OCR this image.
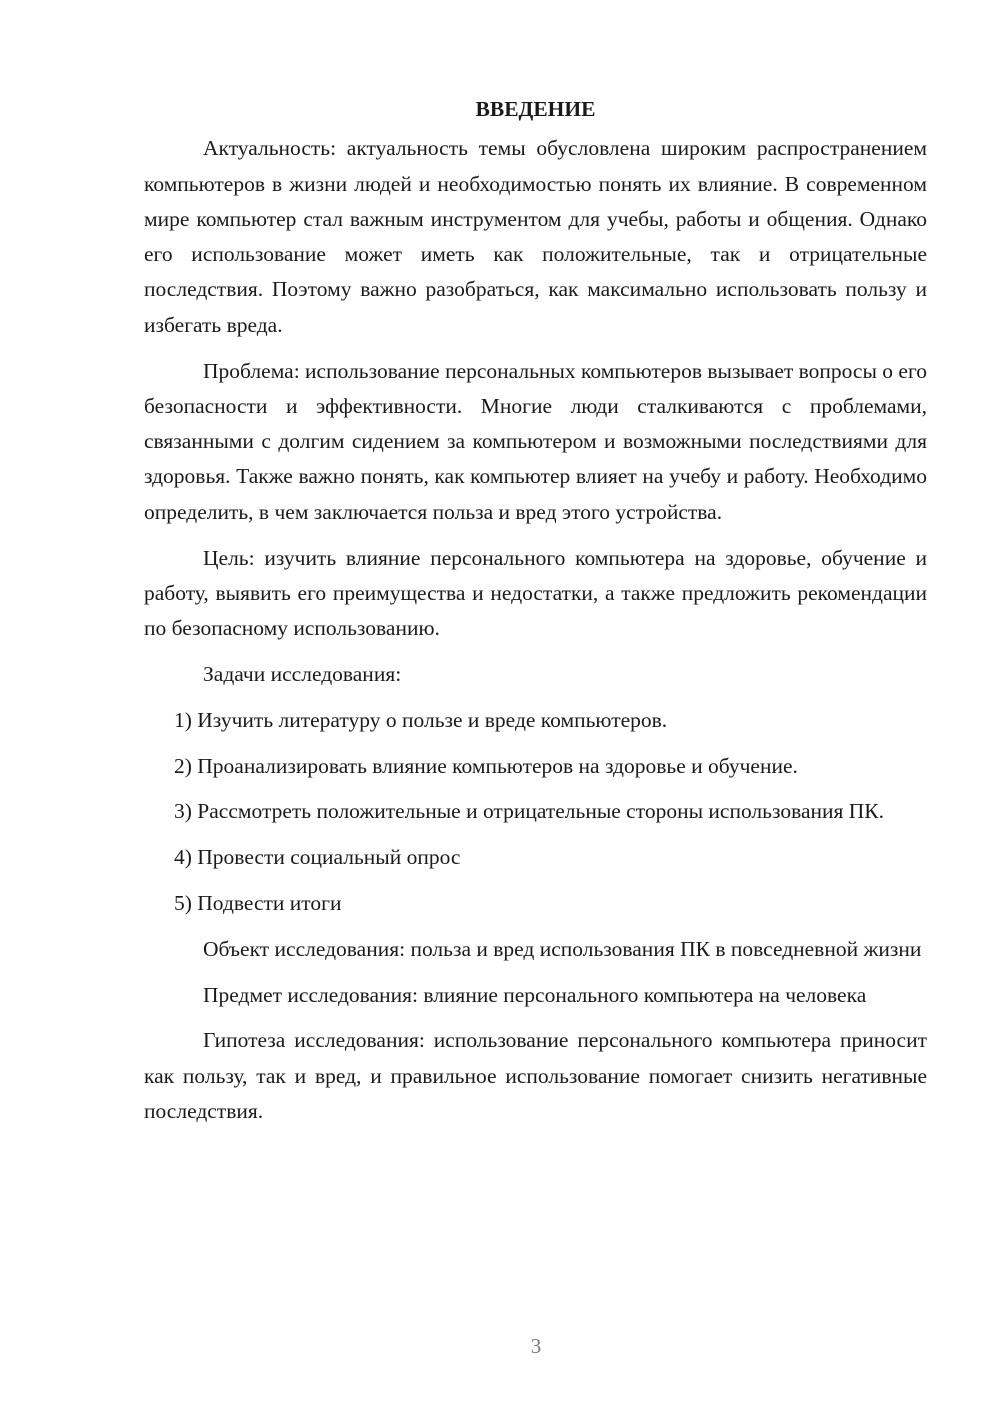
ВВЕДЕНИЕ

Актуальность: актуальность темы обусловлена широким распространением компьютеров в жизни людей и необходимостью понять их влияние. В современном мире компьютер стал важным инструментом для учебы, работы и общения. Однако его использование может иметь как положительные, так и отрицательные последствия. Поэтому важно разобраться, как максимально использовать пользу и избегать вреда.

Проблема: использование персональных компьютеров вызывает вопросы о его безопасности и эффективности. Многие люди сталкиваются с проблемами, связанными с долгим сидением за компьютером и возможными последствиями для здоровья. Также важно понять, как компьютер влияет на учебу и работу. Необходимо определить, в чем заключается польза и вред этого устройства.

Цель: изучить влияние персонального компьютера на здоровье, обучение и работу, выявить его преимущества и недостатки, а также предложить рекомендации по безопасному использованию.

Задачи исследования:

1) Изучить литературу о пользе и вреде компьютеров.

2) Проанализировать влияние компьютеров на здоровье и обучение.

3) Рассмотреть положительные и отрицательные стороны использования ПК.

4) Провести социальный опрос

5) Подвести итоги

Объект исследования: польза и вред использования ПК в повседневной жизни

Предмет исследования: влияние персонального компьютера на человека

Гипотеза исследования: использование персонального компьютера приносит как пользу, так и вред, и правильное использование помогает снизить негативные последствия.

3
